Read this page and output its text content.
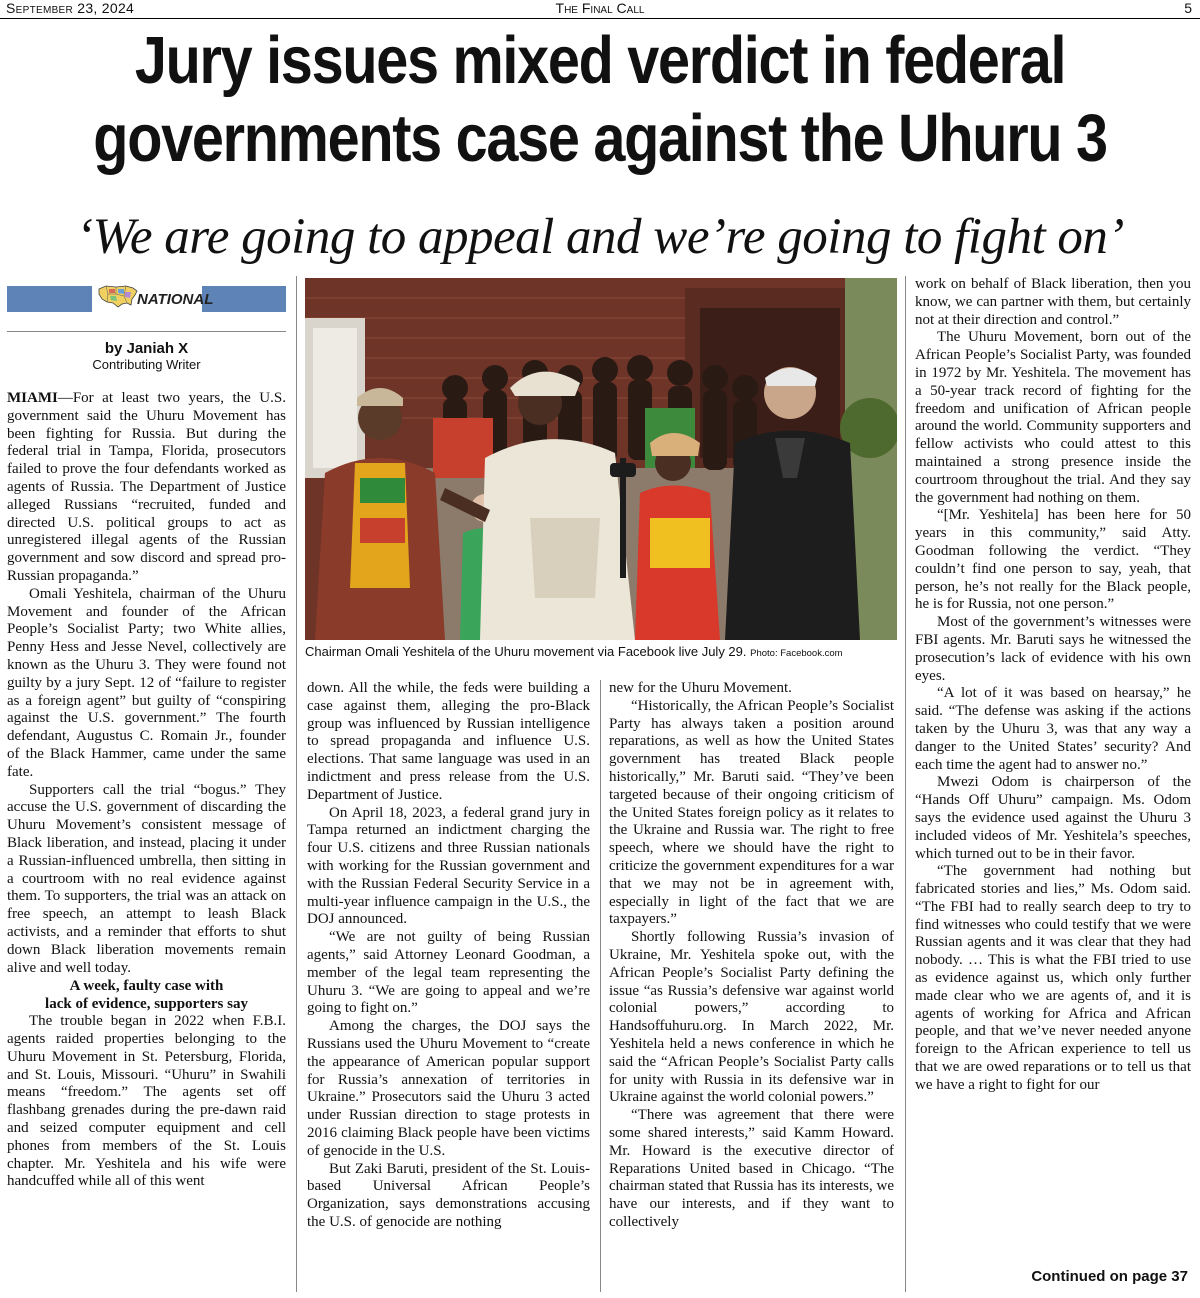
September 23, 2024	The Final Call	5
Jury issues mixed verdict in federal
governments case against the Uhuru 3
‘We are going to appeal and we’re going to fight on’
NATIONAL
by Janiah X
Contributing Writer
Chairman Omali Yeshitela of the Uhuru movement via Facebook live July 29. Photo: Facebook.com

MIAMI—For at least two years, the U.S. government said the Uhuru Movement has been fighting for Russia. But during the federal trial in Tampa, Florida, prosecutors failed to prove the four defendants worked as agents of Russia. The Department of Justice alleged Russians “recruited, funded and directed U.S. political groups to act as unregistered illegal agents of the Russian government and sow discord and spread pro-Russian propaganda.”

Omali Yeshitela, chairman of the Uhuru Movement and founder of the African People’s Socialist Party; two White allies, Penny Hess and Jesse Nevel, collectively are known as the Uhuru 3. They were found not guilty by a jury Sept. 12 of “failure to register as a foreign agent” but guilty of “conspiring against the U.S. government.” The fourth defendant, Augustus C. Romain Jr., founder of the Black Hammer, came under the same fate.

Supporters call the trial “bogus.” They accuse the U.S. government of discarding the Uhuru Movement’s consistent message of Black liberation, and instead, placing it under a Russian-influenced umbrella, then sitting in a courtroom with no real evidence against them. To supporters, the trial was an attack on free speech, an attempt to leash Black activists, and a reminder that efforts to shut down Black liberation movements remain alive and well today.

A week, faulty case with
lack of evidence, supporters say

The trouble began in 2022 when F.B.I. agents raided properties belonging to the Uhuru Movement in St. Petersburg, Florida, and St. Louis, Missouri. “Uhuru” in Swahili means “freedom.” The agents set off flashbang grenades during the pre-dawn raid and seized computer equipment and cell phones from members of the St. Louis chapter. Mr. Yeshitela and his wife were handcuffed while all of this went

down. All the while, the feds were building a case against them, alleging the pro-Black group was influenced by Russian intelligence to spread propaganda and influence U.S. elections. That same language was used in an indictment and press release from the U.S. Department of Justice.

On April 18, 2023, a federal grand jury in Tampa returned an indictment charging the four U.S. citizens and three Russian nationals with working for the Russian government and with the Russian Federal Security Service in a multi-year influence campaign in the U.S., the DOJ announced.

“We are not guilty of being Russian agents,” said Attorney Leonard Goodman, a member of the legal team representing the Uhuru 3. “We are going to appeal and we’re going to fight on.”

Among the charges, the DOJ says the Russians used the Uhuru Movement to “create the appearance of American popular support for Russia’s annexation of territories in Ukraine.” Prosecutors said the Uhuru 3 acted under Russian direction to stage protests in 2016 claiming Black people have been victims of genocide in the U.S.

But Zaki Baruti, president of the St. Louis-based Universal African People’s Organization, says demonstrations accusing the U.S. of genocide are nothing

new for the Uhuru Movement.

“Historically, the African People’s Socialist Party has always taken a position around reparations, as well as how the United States government has treated Black people historically,” Mr. Baruti said. “They’ve been targeted because of their ongoing criticism of the United States foreign policy as it relates to the Ukraine and Russia war. The right to free speech, where we should have the right to criticize the government expenditures for a war that we may not be in agreement with, especially in light of the fact that we are taxpayers.”

Shortly following Russia’s invasion of Ukraine, Mr. Yeshitela spoke out, with the African People’s Socialist Party defining the issue “as Russia’s defensive war against world colonial powers,” according to Handsoffuhuru.org. In March 2022, Mr. Yeshitela held a news conference in which he said the “African People’s Socialist Party calls for unity with Russia in its defensive war in Ukraine against the world colonial powers.”

“There was agreement that there were some shared interests,” said Kamm Howard. Mr. Howard is the executive director of Reparations United based in Chicago. “The chairman stated that Russia has its interests, we have our interests, and if they want to collectively

work on behalf of Black liberation, then you know, we can partner with them, but certainly not at their direction and control.”

The Uhuru Movement, born out of the African People’s Socialist Party, was founded in 1972 by Mr. Yeshitela. The movement has a 50-year track record of fighting for the freedom and unification of African people around the world. Community supporters and fellow activists who could attest to this maintained a strong presence inside the courtroom throughout the trial. And they say the government had nothing on them.

“[Mr. Yeshitela] has been here for 50 years in this community,” said Atty. Goodman following the verdict. “They couldn’t find one person to say, yeah, that person, he’s not really for the Black people, he is for Russia, not one person.”

Most of the government’s witnesses were FBI agents. Mr. Baruti says he witnessed the prosecution’s lack of evidence with his own eyes.

“A lot of it was based on hearsay,” he said. “The defense was asking if the actions taken by the Uhuru 3, was that any way a danger to the United States’ security? And each time the agent had to answer no.”

Mwezi Odom is chairperson of the “Hands Off Uhuru” campaign. Ms. Odom says the evidence used against the Uhuru 3 included videos of Mr. Yeshitela’s speeches, which turned out to be in their favor.

“The government had nothing but fabricated stories and lies,” Ms. Odom said. “The FBI had to really search deep to try to find witnesses who could testify that we were Russian agents and it was clear that they had nobody. … This is what the FBI tried to use as evidence against us, which only further made clear who we are agents of, and it is agents of working for Africa and African people, and that we’ve never needed anyone foreign to the African experience to tell us that we are owed reparations or to tell us that we have a right to fight for our

Continued on page 37
